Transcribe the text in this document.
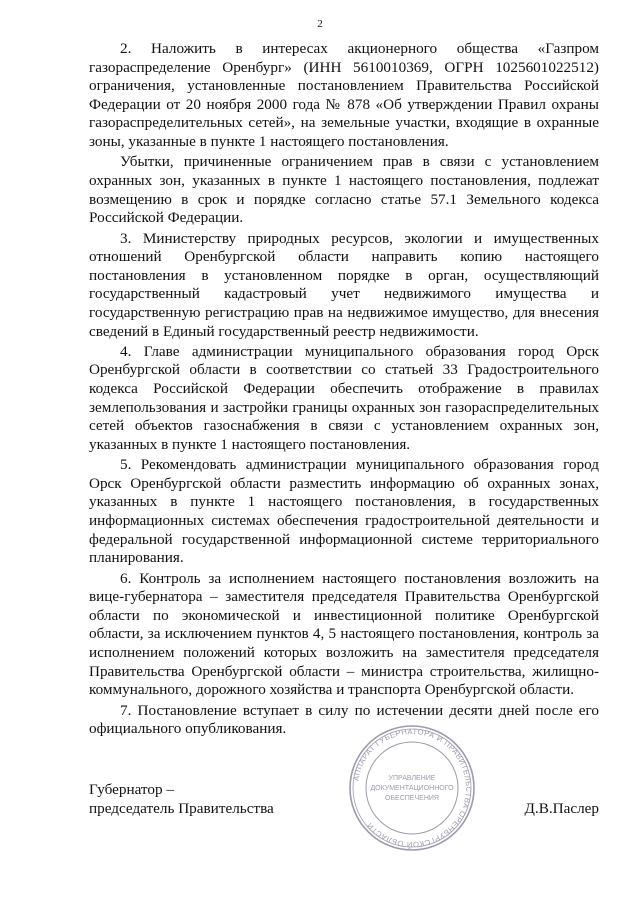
2

2. Наложить в интересах акционерного общества «Газпром газораспределение Оренбург» (ИНН 5610010369, ОГРН 1025601022512) ограничения, установленные постановлением Правительства Российской Федерации от 20 ноября 2000 года № 878 «Об утверждении Правил охраны газораспределительных сетей», на земельные участки, входящие в охранные зоны, указанные в пункте 1 настоящего постановления.

Убытки, причиненные ограничением прав в связи с установлением охранных зон, указанных в пункте 1 настоящего постановления, подлежат возмещению в срок и порядке согласно статье 57.1 Земельного кодекса Российской Федерации.

3. Министерству природных ресурсов, экологии и имущественных отношений Оренбургской области направить копию настоящего постановления в установленном порядке в орган, осуществляющий государственный кадастровый учет недвижимого имущества и государственную регистрацию прав на недвижимое имущество, для внесения сведений в Единый государственный реестр недвижимости.

4. Главе администрации муниципального образования город Орск Оренбургской области в соответствии со статьей 33 Градостроительного кодекса Российской Федерации обеспечить отображение в правилах землепользования и застройки границы охранных зон газораспределительных сетей объектов газоснабжения в связи с установлением охранных зон, указанных в пункте 1 настоящего постановления.

5. Рекомендовать администрации муниципального образования город Орск Оренбургской области разместить информацию об охранных зонах, указанных в пункте 1 настоящего постановления, в государственных информационных системах обеспечения градостроительной деятельности и федеральной государственной информационной системе территориального планирования.

6. Контроль за исполнением настоящего постановления возложить на вице-губернатора – заместителя председателя Правительства Оренбургской области по экономической и инвестиционной политике Оренбургской области, за исключением пунктов 4, 5 настоящего постановления, контроль за исполнением положений которых возложить на заместителя председателя Правительства Оренбургской области – министра строительства, жилищно-коммунального, дорожного хозяйства и транспорта Оренбургской области.

7. Постановление вступает в силу по истечении десяти дней после его официального опубликования.

АППАРАТ ГУБЕРНАТОРА И ПРАВИТЕЛЬСТВА ОРЕНБУРГСКОЙ ОБЛАСТИ
УПРАВЛЕНИЕ
ДОКУМЕНТАЦИОННОГО
ОБЕСПЕЧЕНИЯ
Губернатор –
председатель Правительства	Д.В.Паслер
